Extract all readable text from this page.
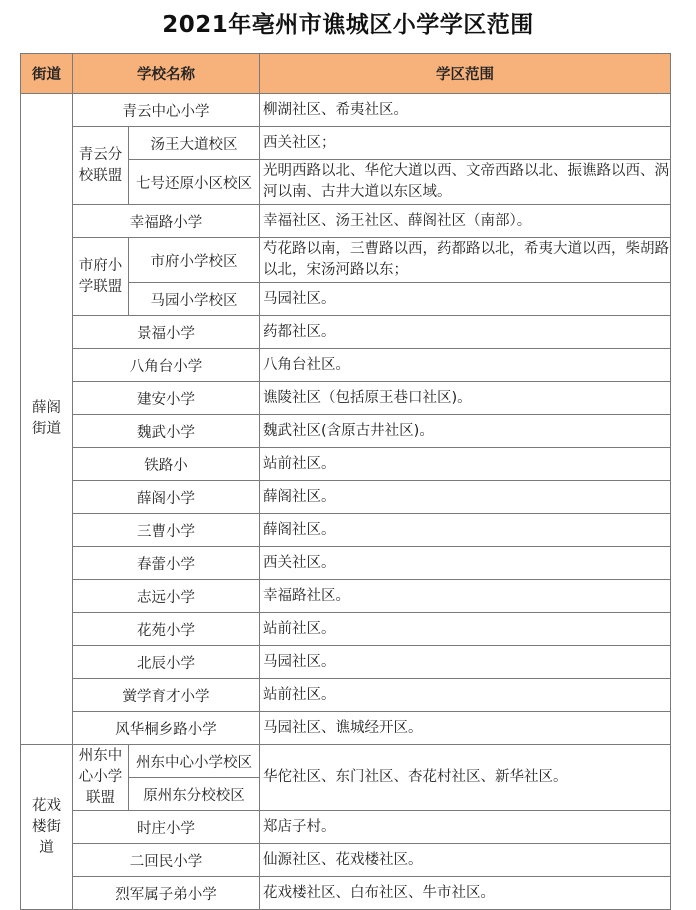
2021年亳州市谯城区小学学区范围
街道	学校名称		学区范围

薛阁街道	青云中心小学		柳湖社区、希夷社区。

	青云分校联盟	汤王大道校区	西关社区；
		七号还原小区校区	光明西路以北、华佗大道以西、文帝西路以北、振谯路以西、涡河以南、古井大道以东区域。
	幸福路小学		幸福社区、汤王社区、薛阁社区（南部）。

	市府小学联盟	市府小学校区	芍花路以南，三曹路以西，药都路以北，希夷大道以西，柴胡路以北，宋汤河路以东；
		马园小学校区	马园社区。
	景福小学		药都社区。
	八角台小学		八角台社区。
	建安小学		谯陵社区（包括原王巷口社区)。
	魏武小学		魏武社区(含原古井社区)。
	铁路小		站前社区。
	薛阁小学		薛阁社区。
	三曹小学		薛阁社区。
	春蕾小学		西关社区。
	志远小学		幸福路社区。
	花苑小学		站前社区。
	北辰小学		马园社区。
	黉学育才小学		站前社区。
	风华桐乡路小学		马园社区、谯城经开区。

花戏楼街道	州东中心小学联盟	州东中心小学校区	华佗社区、东门社区、杏花村社区、新华社区。
		原州东分校校区	
	时庄小学		郑店子村。
	二回民小学		仙源社区、花戏楼社区。
	烈军属子弟小学		花戏楼社区、白布社区、牛市社区。
